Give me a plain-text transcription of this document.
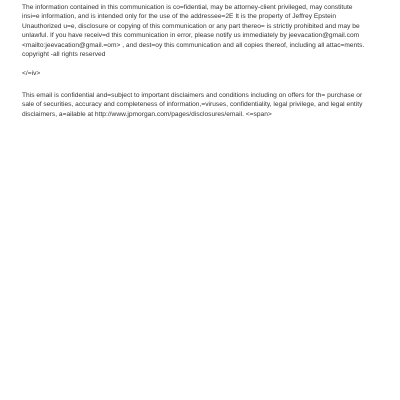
The information contained in this communication is co=fidential, may be attorney-client privileged, may constitute
insi=e information, and is intended only for the use of the addressee=2E It is the property of Jeffrey Epstein
Unauthorized u=e, disclosure or copying of this communication or any part thereo= is strictly prohibited and may be
unlawful. If you have receiv=d this communication in error, please notify us immediately by jeevacation@gmail.com
<mailto:jeevacation@gmail.=om> , and dest=oy this communication and all copies thereof, including all attac=ments.
copyright -all rights reserved

</=iv>

This email is confidential and=subject to important disclaimers and conditions including on offers for th= purchase or
sale of securities, accuracy and completeness of information,=viruses, confidentiality, legal privilege, and legal entity
disclaimers, a=ailable at http://www.jpmorgan.com/pages/disclosures/email. <=span>
